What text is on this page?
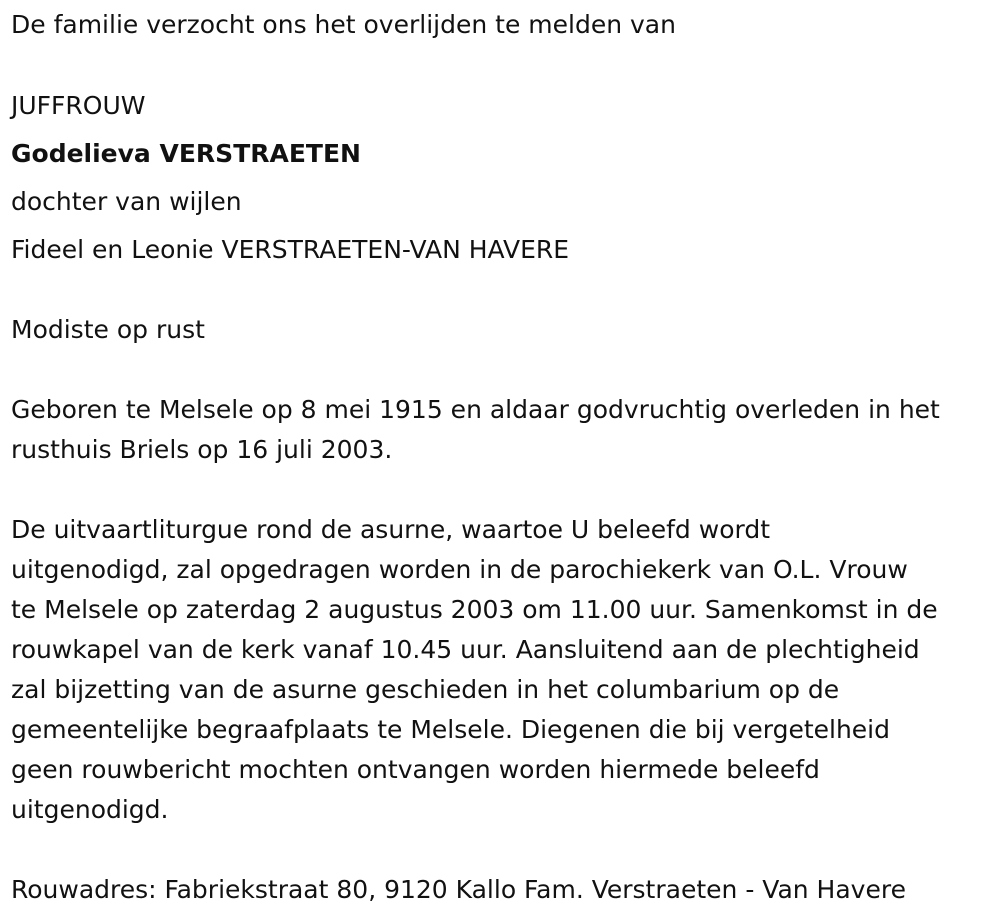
De familie verzocht ons het overlijden te melden van
JUFFROUW
Godelieva VERSTRAETEN
dochter van wijlen
Fideel en Leonie VERSTRAETEN-VAN HAVERE
Modiste op rust
Geboren te Melsele op 8 mei 1915 en aldaar godvruchtig overleden in het
rusthuis Briels op 16 juli 2003.
De uitvaartliturgue rond de asurne, waartoe U beleefd wordt
uitgenodigd, zal opgedragen worden in de parochiekerk van O.L. Vrouw
te Melsele op zaterdag 2 augustus 2003 om 11.00 uur. Samenkomst in de
rouwkapel van de kerk vanaf 10.45 uur. Aansluitend aan de plechtigheid
zal bijzetting van de asurne geschieden in het columbarium op de
gemeentelijke begraafplaats te Melsele. Diegenen die bij vergetelheid
geen rouwbericht mochten ontvangen worden hiermede beleefd
uitgenodigd.
Rouwadres: Fabriekstraat 80, 9120 Kallo Fam. Verstraeten - Van Havere
